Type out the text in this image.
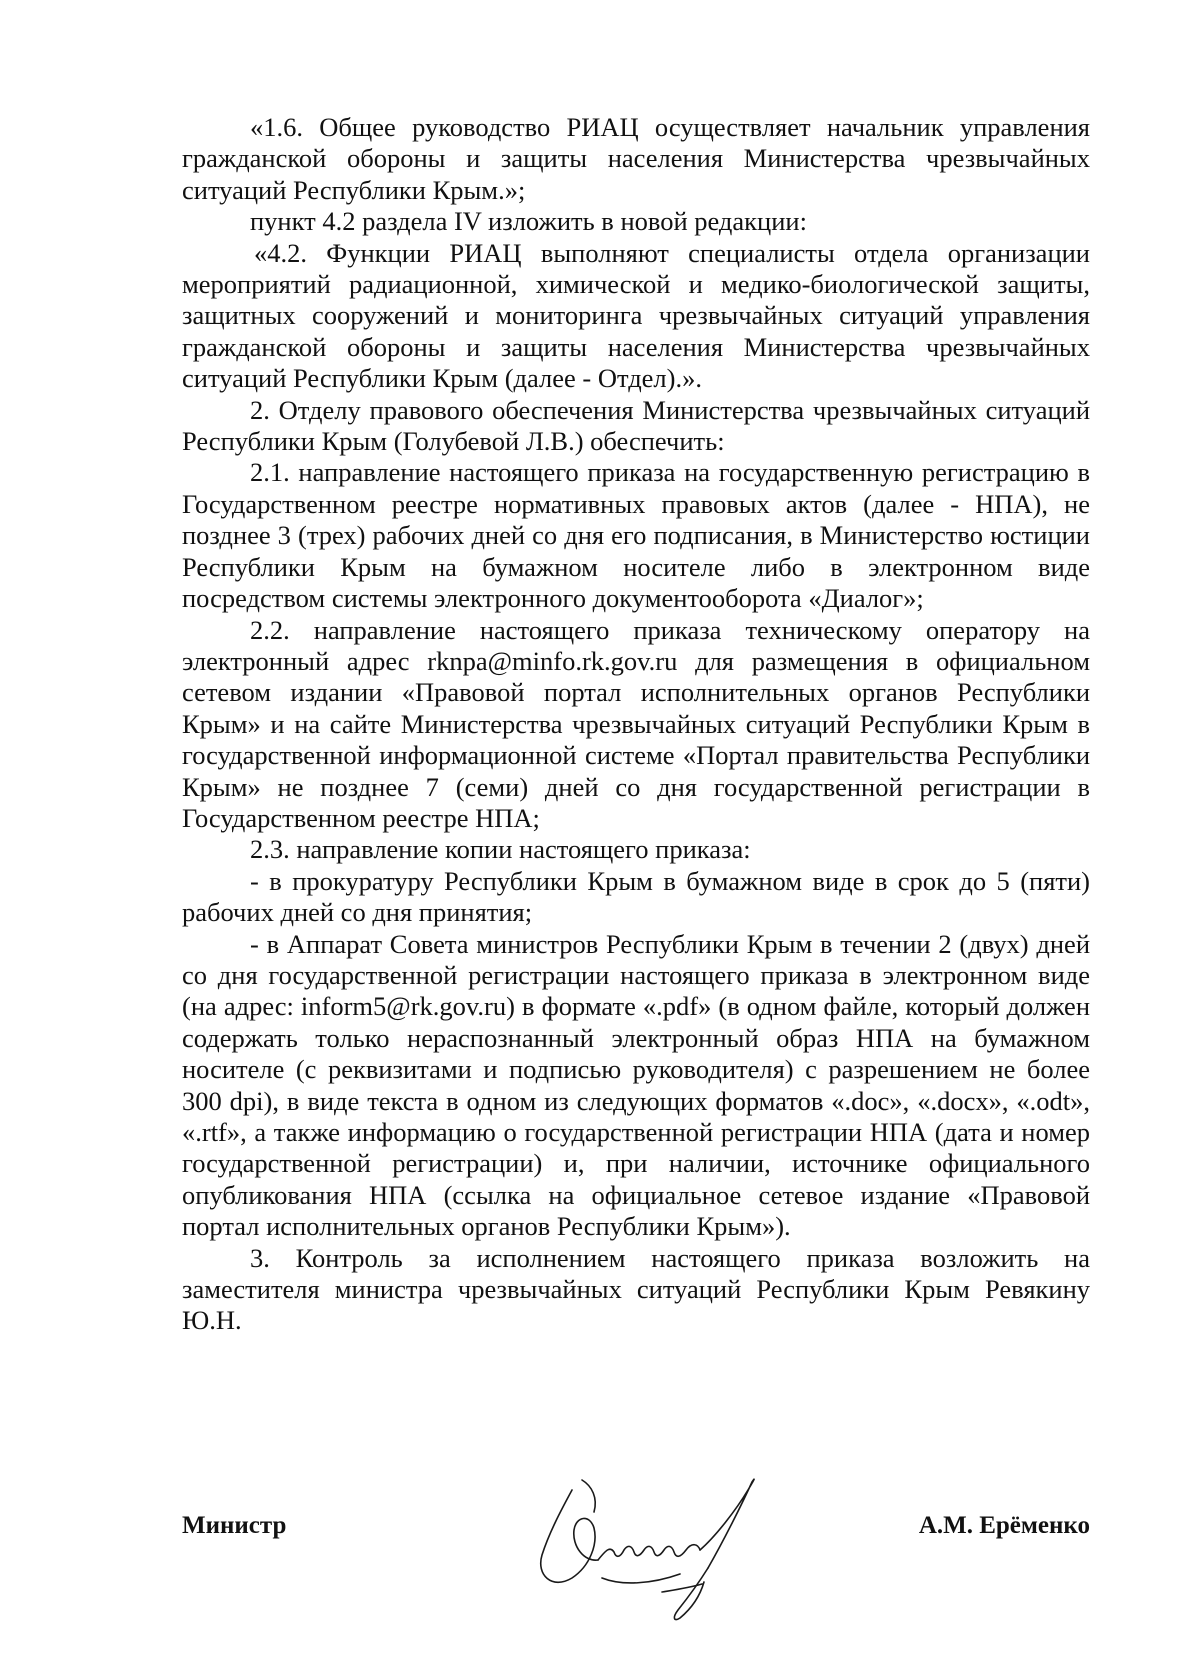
«1.6. Общее руководство РИАЦ осуществляет начальник управления гражданской обороны и защиты населения Министерства чрезвычайных ситуаций Республики Крым.»;

пункт 4.2 раздела IV изложить в новой редакции:

«4.2. Функции РИАЦ выполняют специалисты отдела организации мероприятий радиационной, химической и медико-биологической защиты, защитных сооружений и мониторинга чрезвычайных ситуаций управления гражданской обороны и защиты населения Министерства чрезвычайных ситуаций Республики Крым (далее - Отдел).».

2. Отделу правового обеспечения Министерства чрезвычайных ситуаций Республики Крым (Голубевой Л.В.) обеспечить:

2.1. направление настоящего приказа на государственную регистрацию в Государственном реестре нормативных правовых актов (далее - НПА), не позднее 3 (трех) рабочих дней со дня его подписания, в Министерство юстиции Республики Крым на бумажном носителе либо в электронном виде посредством системы электронного документооборота «Диалог»;

2.2. направление настоящего приказа техническому оператору на электронный адрес rknpa@minfo.rk.gov.ru для размещения в официальном сетевом издании «Правовой портал исполнительных органов Республики Крым» и на сайте Министерства чрезвычайных ситуаций Республики Крым в государственной информационной системе «Портал правительства Республики Крым» не позднее 7 (семи) дней со дня государственной регистрации в Государственном реестре НПА;

2.3. направление копии настоящего приказа:

- в прокуратуру Республики Крым в бумажном виде в срок до 5 (пяти) рабочих дней со дня принятия;

- в Аппарат Совета министров Республики Крым в течении 2 (двух) дней со дня государственной регистрации настоящего приказа в электронном виде (на адрес: inform5@rk.gov.ru) в формате «.pdf» (в одном файле, который должен содержать только нераспознанный электронный образ НПА на бумажном носителе (с реквизитами и подписью руководителя) с разрешением не более 300 dpi), в виде текста в одном из следующих форматов «.doc», «.docx», «.odt», «.rtf», а также информацию о государственной регистрации НПА (дата и номер государственной регистрации) и, при наличии, источнике официального опубликования НПА (ссылка на официальное сетевое издание «Правовой портал исполнительных органов Республики Крым»).

3. Контроль за исполнением настоящего приказа возложить на заместителя министра чрезвычайных ситуаций Республики Крым Ревякину Ю.Н.

Министр	А.М. Ерёменко
